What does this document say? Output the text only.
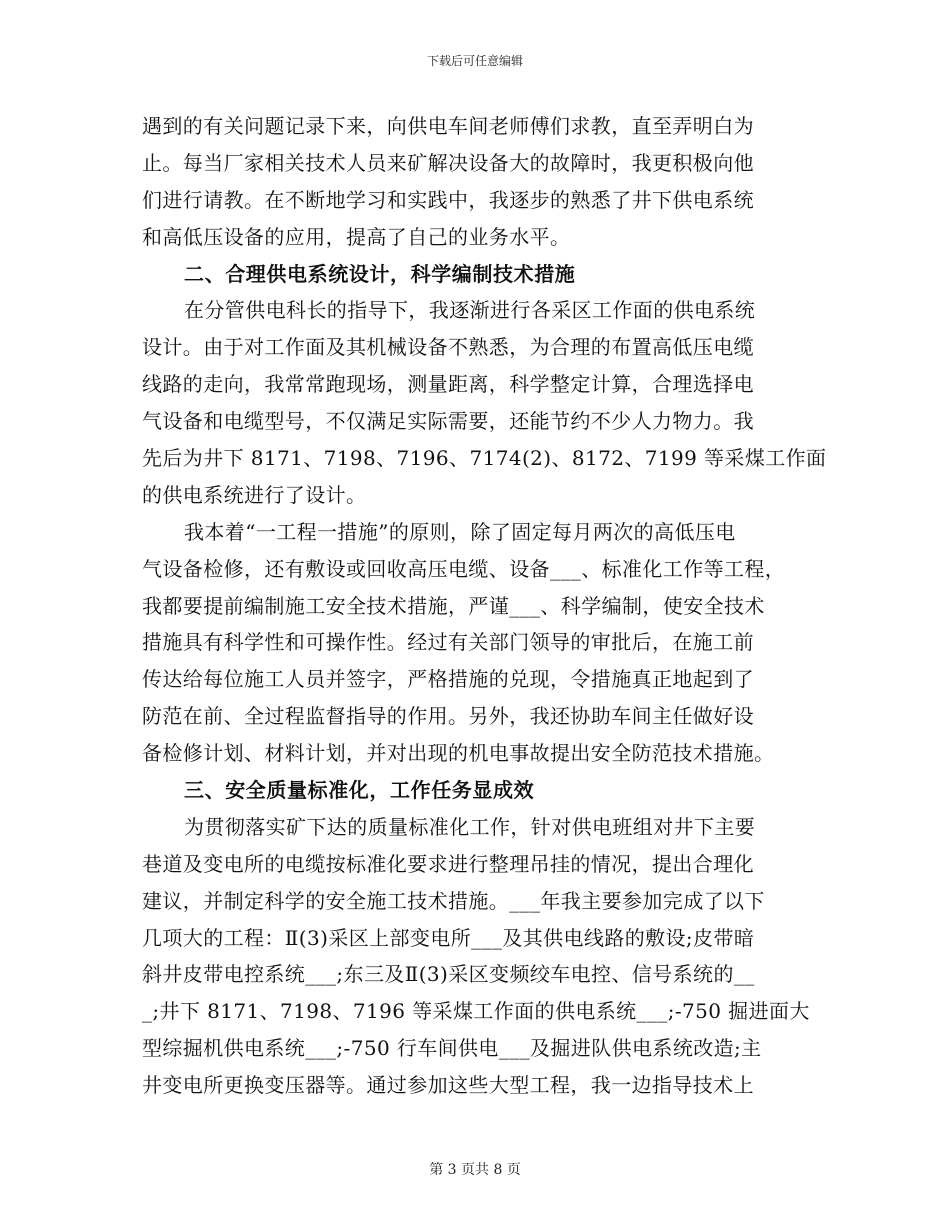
下载后可任意编辑
遇到的有关问题记录下来，向供电车间老师傅们求教，直至弄明白为
止。每当厂家相关技术人员来矿解决设备大的故障时，我更积极向他
们进行请教。在不断地学习和实践中，我逐步的熟悉了井下供电系统
和高低压设备的应用，提高了自己的业务水平。
二、合理供电系统设计，科学编制技术措施
在分管供电科长的指导下，我逐渐进行各采区工作面的供电系统
设计。由于对工作面及其机械设备不熟悉，为合理的布置高低压电缆
线路的走向，我常常跑现场，测量距离，科学整定计算，合理选择电
气设备和电缆型号，不仅满足实际需要，还能节约不少人力物力。我
先后为井下 8171、7198、7196、7174(2)、8172、7199 等采煤工作面
的供电系统进行了设计。
我本着“一工程一措施”的原则，除了固定每月两次的高低压电
气设备检修，还有敷设或回收高压电缆、设备___、标准化工作等工程，
我都要提前编制施工安全技术措施，严谨___、科学编制，使安全技术
措施具有科学性和可操作性。经过有关部门领导的审批后，在施工前
传达给每位施工人员并签字，严格措施的兑现，令措施真正地起到了
防范在前、全过程监督指导的作用。另外，我还协助车间主任做好设
备检修计划、材料计划，并对出现的机电事故提出安全防范技术措施。
三、安全质量标准化，工作任务显成效
为贯彻落实矿下达的质量标准化工作，针对供电班组对井下主要
巷道及变电所的电缆按标准化要求进行整理吊挂的情况，提出合理化
建议，并制定科学的安全施工技术措施。___年我主要参加完成了以下
几项大的工程：Ⅱ(3)采区上部变电所___及其供电线路的敷设;皮带暗
斜井皮带电控系统___;东三及Ⅱ(3)采区变频绞车电控、信号系统的__
_;井下 8171、7198、7196 等采煤工作面的供电系统___;-750 掘进面大
型综掘机供电系统___;-750 行车间供电___及掘进队供电系统改造;主
井变电所更换变压器等。通过参加这些大型工程，我一边指导技术上
第 3 页共 8 页
